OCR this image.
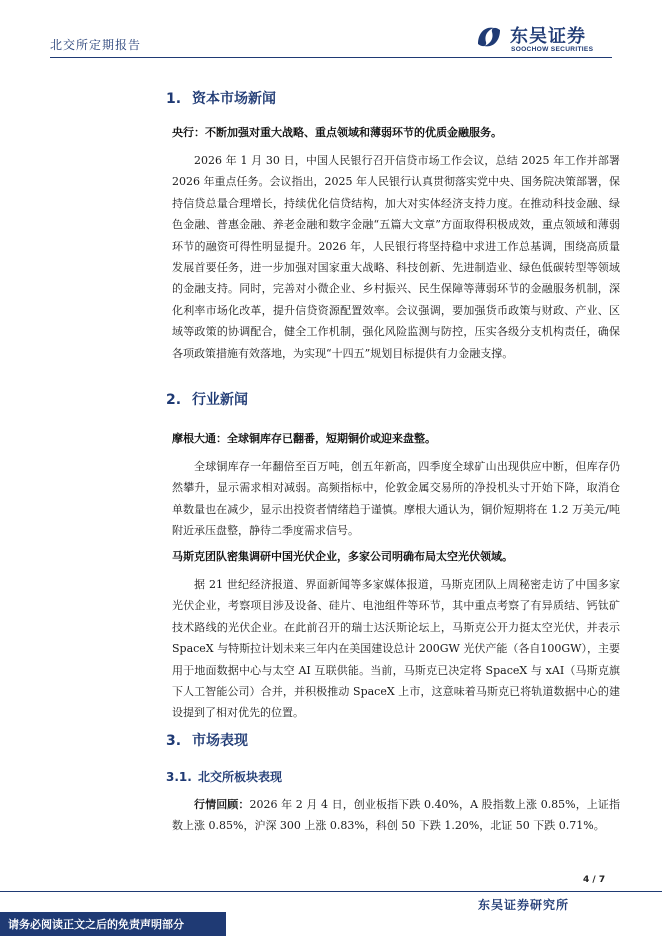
北交所定期报告	东吴证券
SOOCHOW SECURITIES
1. 资本市场新闻
央行：不断加强对重大战略、重点领域和薄弱环节的优质金融服务。
2026 年 1 月 30 日，中国人民银行召开信贷市场工作会议，总结 2025 年工作并部署 2026 年重点任务。会议指出，2025 年人民银行认真贯彻落实党中央、国务院决策部署，保持信贷总量合理增长，持续优化信贷结构，加大对实体经济支持力度。在推动科技金融、绿色金融、普惠金融、养老金融和数字金融“五篇大文章”方面取得积极成效，重点领域和薄弱环节的融资可得性明显提升。2026 年，人民银行将坚持稳中求进工作总基调，围绕高质量发展首要任务，进一步加强对国家重大战略、科技创新、先进制造业、绿色低碳转型等领域的金融支持。同时，完善对小微企业、乡村振兴、民生保障等薄弱环节的金融服务机制，深化利率市场化改革，提升信贷资源配置效率。会议强调，要加强货币政策与财政、产业、区域等政策的协调配合，健全工作机制，强化风险监测与防控，压实各级分支机构责任，确保各项政策措施有效落地，为实现“十四五”规划目标提供有力金融支撑。
2. 行业新闻
摩根大通：全球铜库存已翻番，短期铜价或迎来盘整。
全球铜库存一年翻倍至百万吨，创五年新高，四季度全球矿山出现供应中断，但库存仍然攀升，显示需求相对减弱。高频指标中，伦敦金属交易所的净投机头寸开始下降，取消仓单数量也在减少，显示出投资者情绪趋于谨慎。摩根大通认为，铜价短期将在 1.2 万美元/吨附近承压盘整，静待二季度需求信号。
马斯克团队密集调研中国光伏企业，多家公司明确布局太空光伏领域。
据 21 世纪经济报道、界面新闻等多家媒体报道，马斯克团队上周秘密走访了中国多家光伏企业，考察项目涉及设备、硅片、电池组件等环节，其中重点考察了有异质结、钙钛矿技术路线的光伏企业。在此前召开的瑞士达沃斯论坛上，马斯克公开力挺太空光伏，并表示 SpaceX 与特斯拉计划未来三年内在美国建设总计 200GW 光伏产能（各自100GW），主要用于地面数据中心与太空 AI 互联供能。当前，马斯克已决定将 SpaceX 与 xAI（马斯克旗下人工智能公司）合并，并积极推动 SpaceX 上市，这意味着马斯克已将轨道数据中心的建设提到了相对优先的位置。
3. 市场表现
3.1. 北交所板块表现
行情回顾：2026 年 2 月 4 日，创业板指下跌 0.40%，A 股指数上涨 0.85%，上证指数上涨 0.85%，沪深 300 上涨 0.83%，科创 50 下跌 1.20%，北证 50 下跌 0.71%。
4 / 7
东吴证券研究所
请务必阅读正文之后的免责声明部分
